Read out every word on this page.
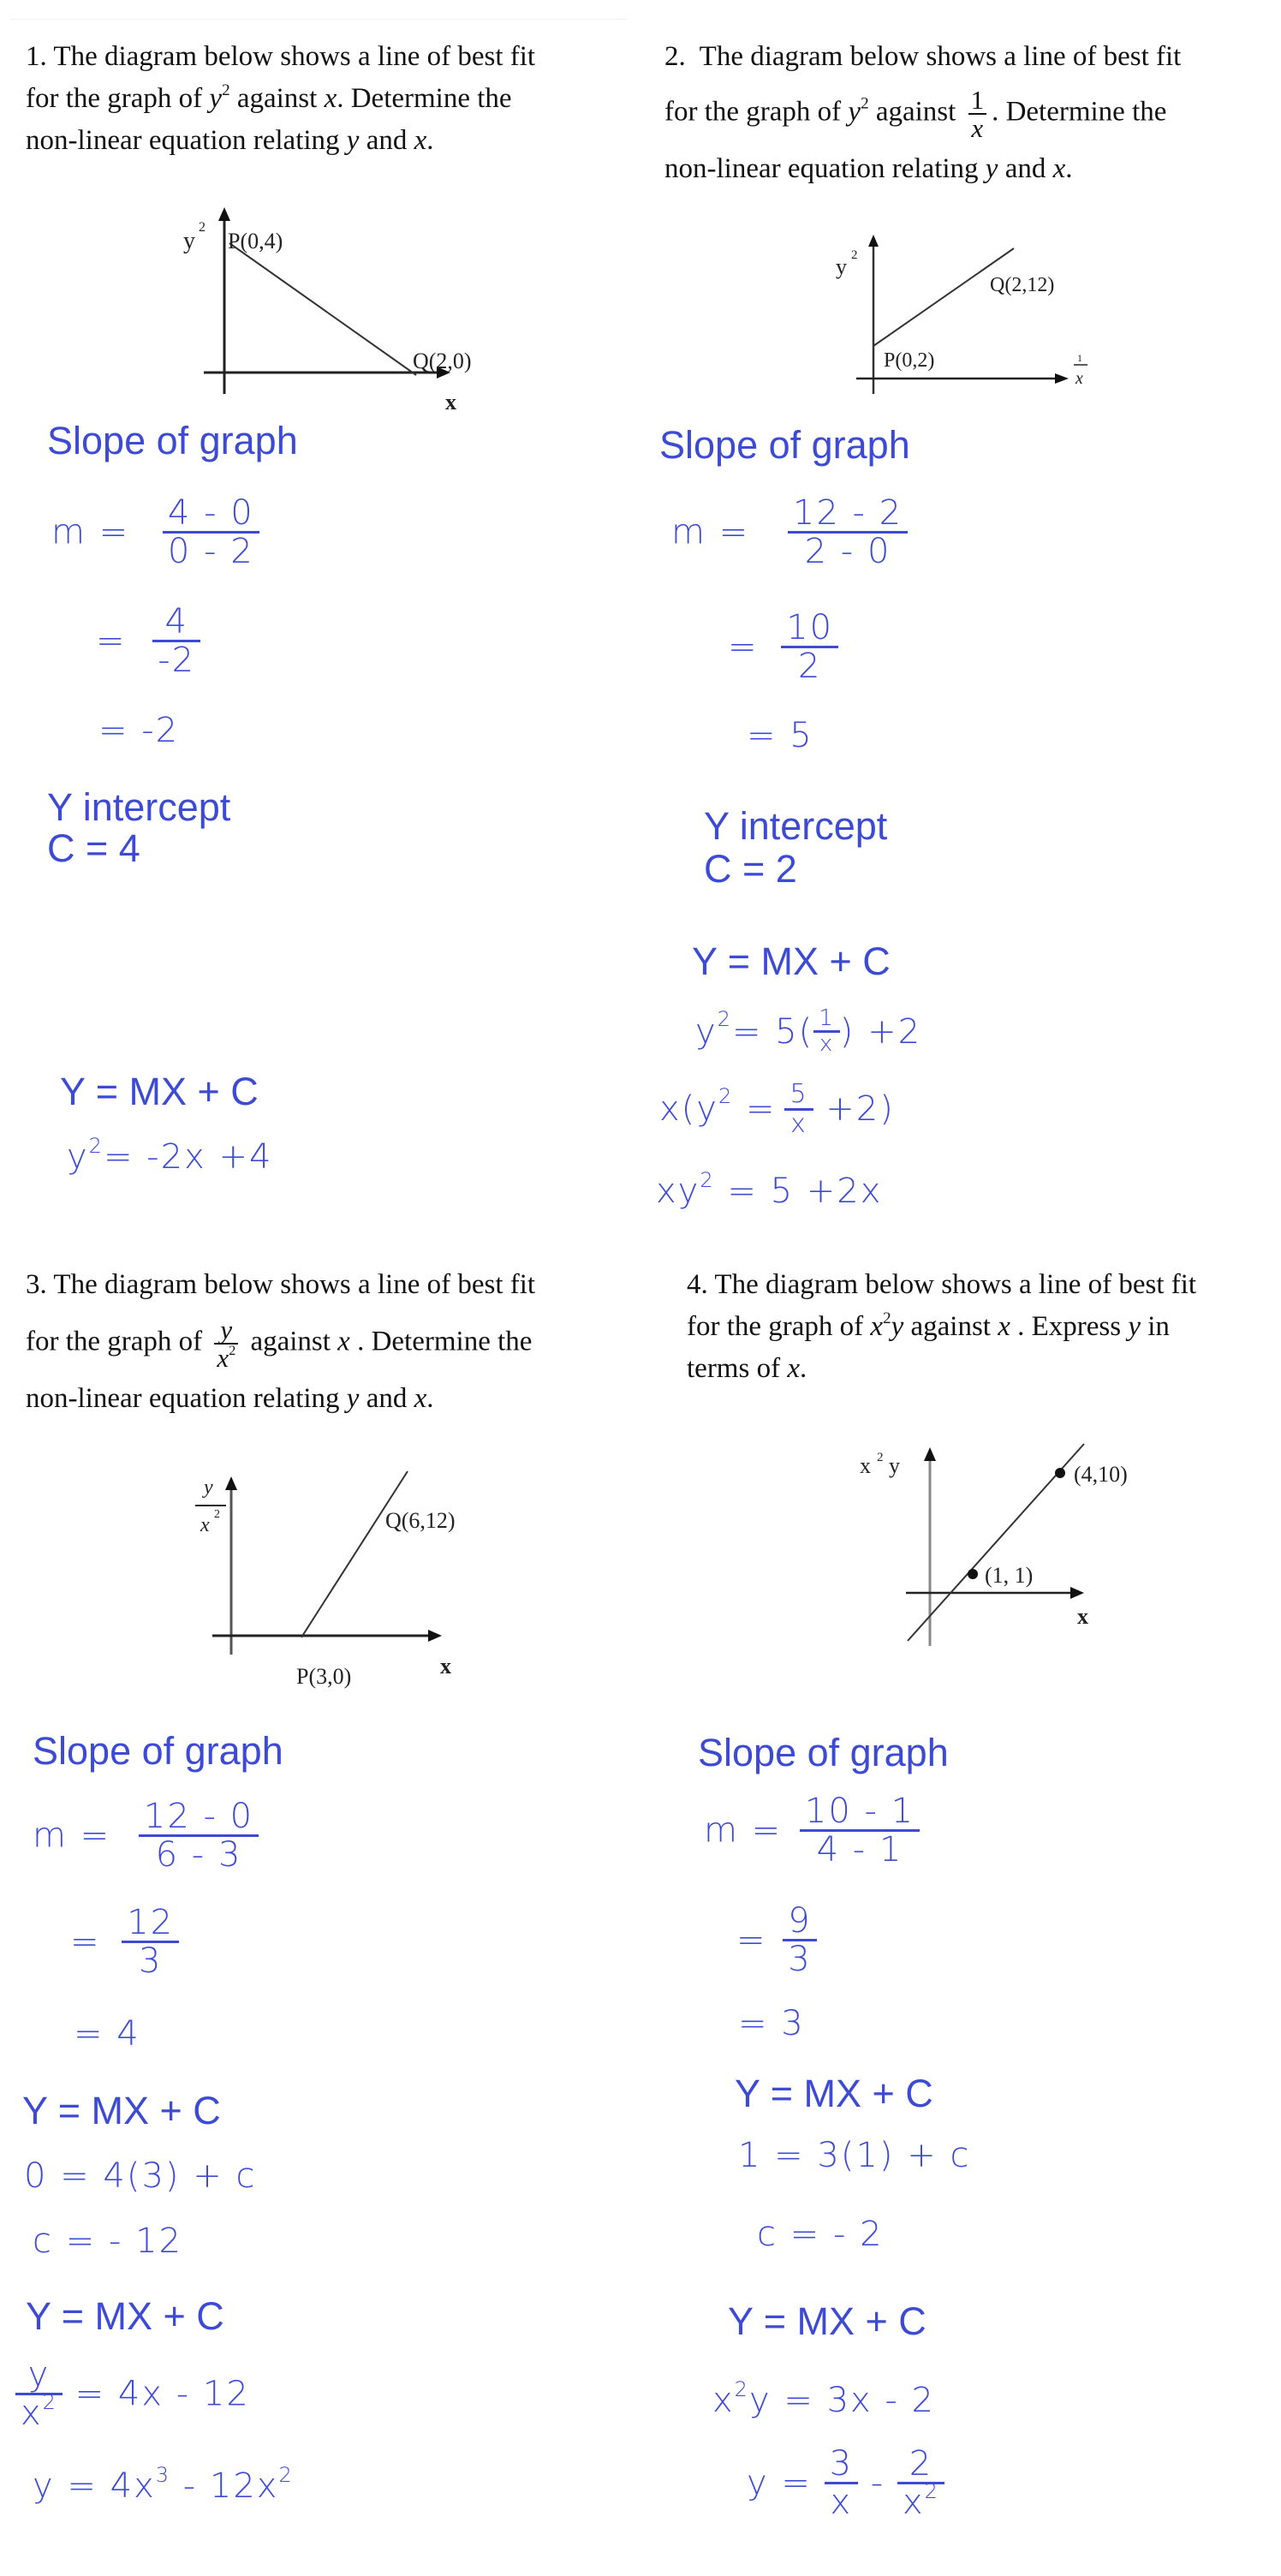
1. The diagram below shows a line of best fit
for the graph of $y^2$ against x. Determine the
non-linear equation relating y and x.
y
2
P(0,4)
Q(2,0)
x
Slope of graph
$m = \frac{4 - 0}{0 - 2}$
= $\frac{4}{-2}$
= -2
Y intercept
C = 4
Y = MX + C
$y^2= -2x +4$
2. The diagram below shows a line of best fit
for the graph of $y^2$ against $\frac{1}{x}$ . Determine the
non-linear equation relating y and x.
y 2
P(0,2)
Q(2,12)
1
x
Slope of graph
$m = \frac{12 - 2}{2 - 0}$
= $\frac{10}{2}$
= 5
Y intercept
C = 2
Y = MX + C
$y^2= 5( \frac{1}{x}$ ) +2
$x(y^2 = \frac{5}{x} +2)$
$xy^2 = 5 +2x$
3. The diagram below shows a line of best fit
for the graph of $\frac{y}{x^2}$ against x . Determine the
non-linear equation relating y and x.
y
x 2
P(3,0)
Q(6,12)
x
Slope of graph
$m = \frac{12 - 0}{6 - 3}$
= $\frac{12}{3}$
= 4
Y = MX + C
0 = 4(3) + c
c = - 12
Y = MX + C
$\frac{y}{x^2} = 4x - 12$
$y = 4x^3 - 12x^2$
4. The diagram below shows a line of best fit
for the graph of $x^2y$ against x . Express y in
terms of x.
x 2 y
(1, 1)
(4,10)
x
Slope of graph
$m = \frac{10 - 1}{4 - 1}$
= $\frac{9}{3}$
= 3
Y = MX + C
1 = 3(1) + c
c = - 2
Y = MX + C
$x^2y = 3x - 2$
$y = \frac{3}{x} - \frac{2}{x^2}$
